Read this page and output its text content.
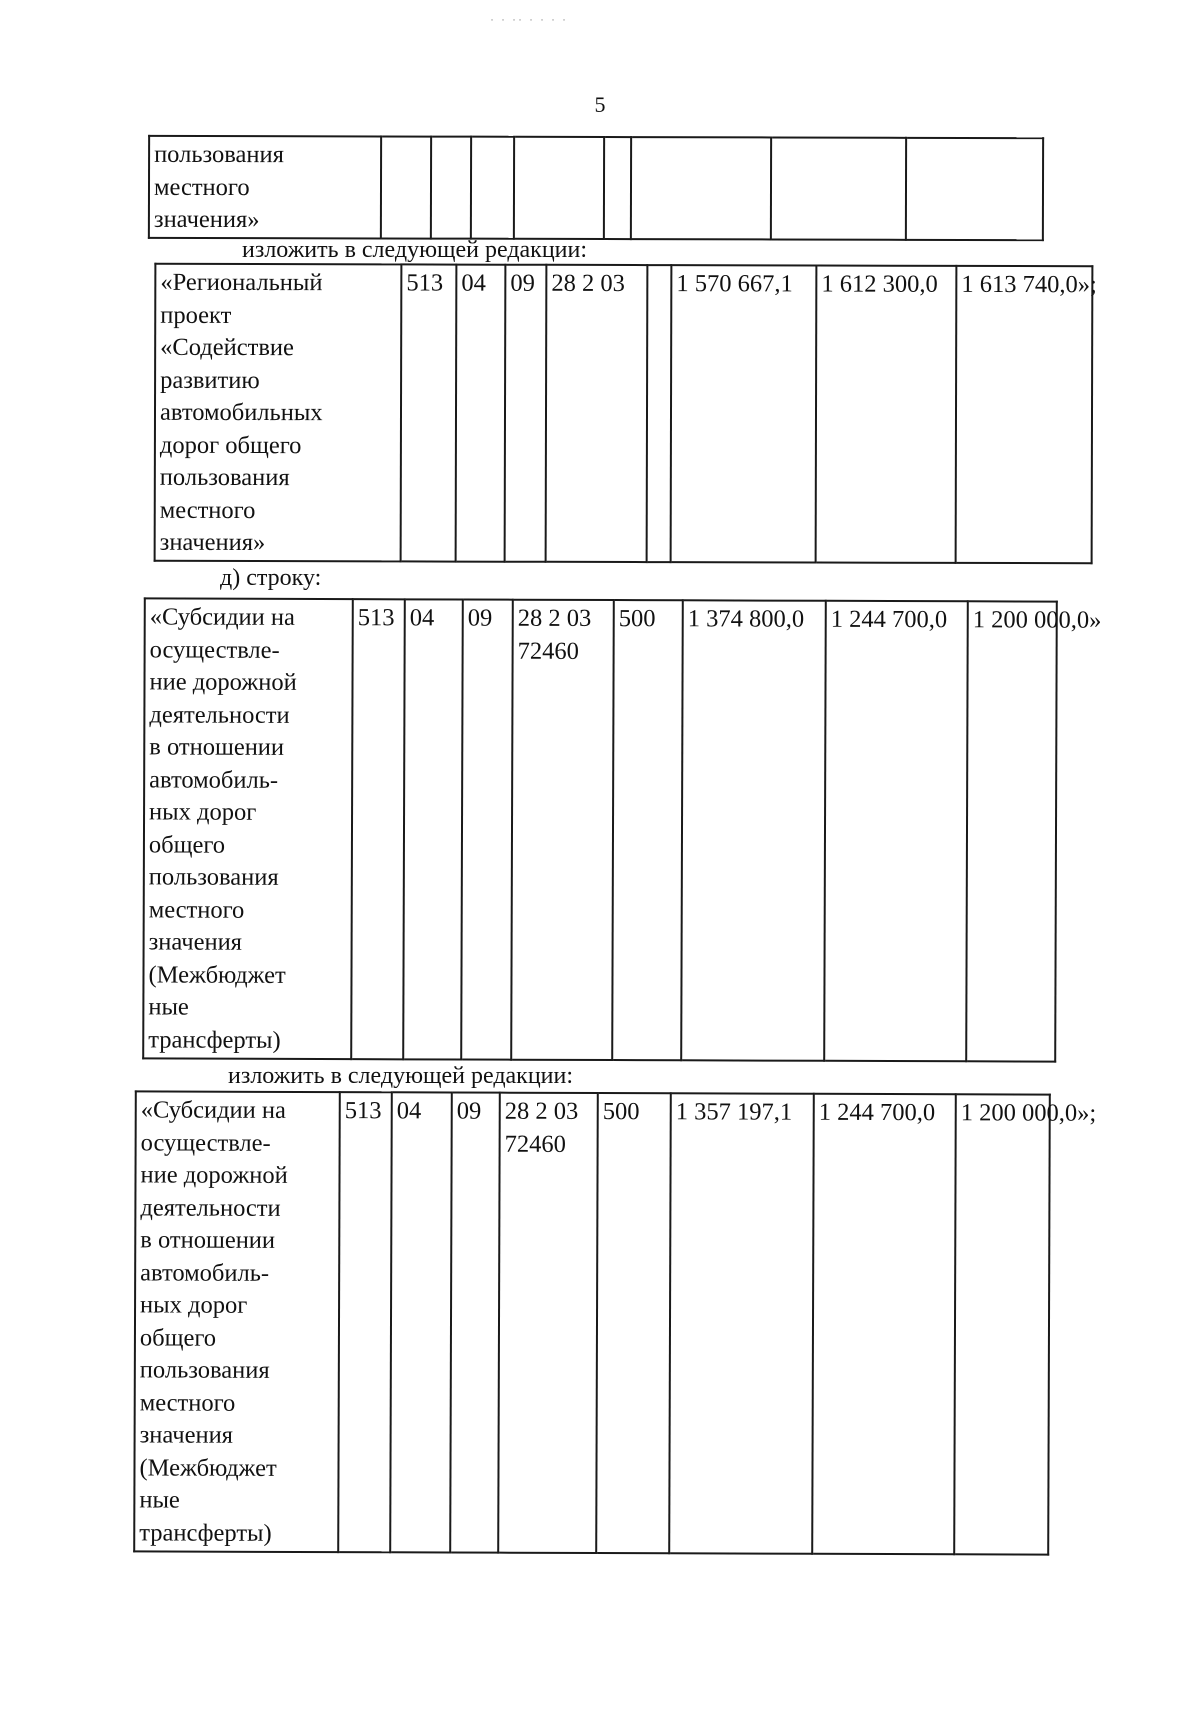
˙ ˙ ˙˙ ˙ ˙ ˙ ˙
5
пользования
местного
значения»								
изложить в следующей редакции:
«Региональный
проект
«Содействие
развитию
автомобильных
дорог общего
пользования
местного
значения»	513	04	09	28 2 03		1 570 667,1	1 612 300,0	1 613 740,0»;
д) строку:
«Субсидии на
осуществле-
ние дорожной
деятельности
в отношении
автомобиль-
ных дорог
общего
пользования
местного
значения
(Межбюджет
ные
трансферты)	513	04	09	28 2 03
72460	500	1 374 800,0	1 244 700,0	1 200 000,0»
изложить в следующей редакции:
«Субсидии на
осуществле-
ние дорожной
деятельности
в отношении
автомобиль-
ных дорог
общего
пользования
местного
значения
(Межбюджет
ные
трансферты)	513	04	09	28 2 03
72460	500	1 357 197,1	1 244 700,0	1 200 000,0»;
